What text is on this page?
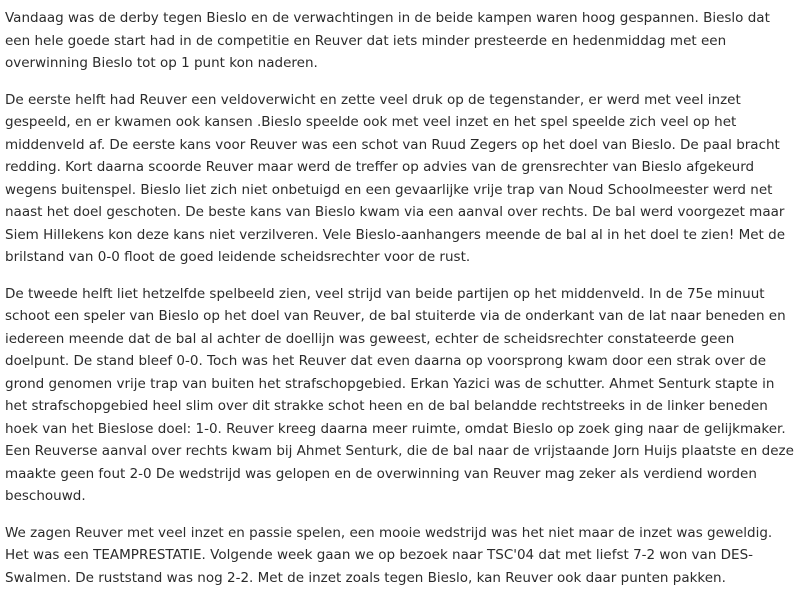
Vandaag was de derby tegen Bieslo en de verwachtingen in de beide kampen waren hoog gespannen. Bieslo dat een hele goede start had in de competitie en Reuver dat iets minder presteerde en hedenmiddag met een overwinning Bieslo tot op 1 punt kon naderen.

De eerste helft had Reuver een veldoverwicht en zette veel druk op de tegenstander, er werd met veel inzet gespeeld, en er kwamen ook kansen .Bieslo speelde ook met veel inzet en het spel speelde zich veel op het middenveld af. De eerste kans voor Reuver was een schot van Ruud Zegers op het doel van Bieslo. De paal bracht redding. Kort daarna scoorde Reuver maar werd de treffer op advies van de grensrechter van Bieslo afgekeurd wegens buitenspel. Bieslo liet zich niet onbetuigd en een gevaarlijke vrije trap van Noud Schoolmeester werd net naast het doel geschoten. De beste kans van Bieslo kwam via een aanval over rechts. De bal werd voorgezet maar Siem Hillekens kon deze kans niet verzilveren. Vele Bieslo-aanhangers meende de bal al in het doel te zien! Met de brilstand van 0-0 floot de goed leidende scheidsrechter voor de rust.

De tweede helft liet hetzelfde spelbeeld zien, veel strijd van beide partijen op het middenveld. In de 75e minuut schoot een speler van Bieslo op het doel van Reuver, de bal stuiterde via de onderkant van de lat naar beneden en iedereen meende dat de bal al achter de doellijn was geweest, echter de scheidsrechter constateerde geen doelpunt. De stand bleef 0-0. Toch was het Reuver dat even daarna op voorsprong kwam door een strak over de grond genomen vrije trap van buiten het strafschopgebied. Erkan Yazici was de schutter. Ahmet Senturk stapte in het strafschopgebied heel slim over dit strakke schot heen en de bal belandde rechtstreeks in de linker beneden hoek van het Bieslose doel: 1-0. Reuver kreeg daarna meer ruimte, omdat Bieslo op zoek ging naar de gelijkmaker. Een Reuverse aanval over rechts kwam bij Ahmet Senturk, die de bal naar de vrijstaande Jorn Huijs plaatste en deze maakte geen fout 2-0 De wedstrijd was gelopen en de overwinning van Reuver mag zeker als verdiend worden beschouwd.

We zagen Reuver met veel inzet en passie spelen, een mooie wedstrijd was het niet maar de inzet was geweldig. Het was een TEAMPRESTATIE. Volgende week gaan we op bezoek naar TSC'04 dat met liefst 7-2 won van DES-Swalmen. De ruststand was nog 2-2. Met de inzet zoals tegen Bieslo, kan Reuver ook daar punten pakken.
